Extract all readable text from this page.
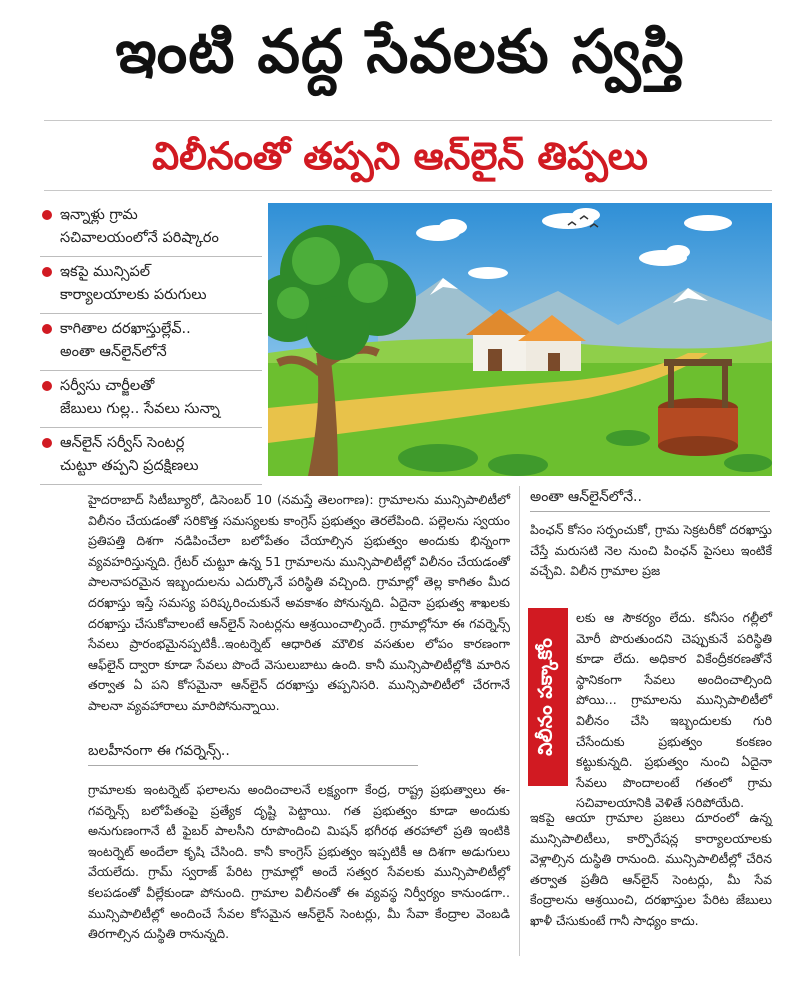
ఇంటి వద్ద సేవలకు స్వస్తి
విలీనంతో తప్పని ఆన్‌లైన్ తిప్పలు
ఇన్నాళ్లు గ్రామ
సచివాలయంలోనే పరిష్కారం
ఇకపై మున్సిపల్
కార్యాలయాలకు పరుగులు
కాగితాల దరఖాస్తుల్లేవ్..
అంతా ఆన్‌లైన్‌లోనే
సర్వీసు చార్జీలతో
జేబులు గుల్ల.. సేవలు సున్నా
ఆన్‌లైన్ సర్వీస్ సెంటర్ల
చుట్టూ తప్పని ప్రదక్షిణలు

హైదరాబాద్ సిటీబ్యూరో, డిసెంబర్ 10 (నమస్తే తెలంగాణ): గ్రామాలను మున్సిపాలిటీలో విలీనం చేయడంతో సరికొత్త సమస్యలకు కాంగ్రెస్ ప్రభుత్వం తెరలేపింది. పల్లెలను స్వయం ప్రతిపత్తి దిశగా నడిపించేలా బలోపేతం చేయాల్సిన ప్రభుత్వం అందుకు భిన్నంగా వ్యవహరిస్తున్నది. గ్రేటర్ చుట్టూ ఉన్న 51 గ్రామాలను మున్సిపాలిటీల్లో విలీనం చేయడంతో పాలనాపరమైన ఇబ్బందులను ఎదుర్కొనే పరిస్థితి వచ్చింది. గ్రామాల్లో తెల్ల కాగితం మీద దరఖాస్తు ఇస్తే సమస్య పరిష్కరించుకునే అవకాశం పోనున్నది. ఏదైనా ప్రభుత్వ శాఖలకు దరఖాస్తు చేసుకోవాలంటే ఆన్‌లైన్ సెంటర్లను ఆశ్రయించాల్సిందే. గ్రామాల్లోనూ ఈ గవర్నెన్స్ సేవలు ప్రారంభమైనప్పటికీ..ఇంటర్నెట్ ఆధారిత మౌలిక వసతుల లోపం కారణంగా ఆఫ్‌లైన్ ద్వారా కూడా సేవలు పొందే వెసులుబాటు ఉంది. కానీ మున్సిపాలిటీల్లోకి మారిన తర్వాత ఏ పని కోసమైనా ఆన్‌లైన్ దరఖాస్తు తప్పనిసరి. మున్సిపాలిటీలో చేరగానే పాలనా వ్యవహారాలు మారిపోనున్నాయి.

బలహీనంగా ఈ గవర్నెన్స్..

గ్రామాలకు ఇంటర్నెట్ ఫలాలను అందించాలనే లక్ష్యంగా కేంద్ర, రాష్ట్ర ప్రభుత్వాలు ఈ-గవర్నెన్స్ బలోపేతంపై ప్రత్యేక దృష్టి పెట్టాయి. గత ప్రభుత్వం కూడా అందుకు అనుగుణంగానే టీ ఫైబర్ పాలసీని రూపొందించి మిషన్ భగీరథ తరహాలో ప్రతి ఇంటికి ఇంటర్నెట్ అందేలా కృషి చేసింది. కానీ కాంగ్రెస్ ప్రభుత్వం ఇప్పటికీ ఆ దిశగా అడుగులు వేయలేదు. గ్రామ్ స్వరాజ్ పేరిట గ్రామాల్లో అందే సత్వర సేవలకు మున్సిపాలిటీల్లో కలపడంతో వీల్లేకుండా పోనుంది. గ్రామాల విలీనంతో ఈ వ్యవస్థ నిర్వీర్యం కానుండగా.. మున్సిపాలిటీల్లో అందించే సేవల కోసమైన ఆన్‌లైన్ సెంటర్లు, మీ సేవా కేంద్రాల వెంబడి తిరగాల్సిన దుస్థితి రానున్నది.

అంతా ఆన్‌లైన్‌లోనే..
పింఛన్ కోసం సర్పంచుకో, గ్రామ సెక్రటరీకో దరఖాస్తు చేస్తే మరుసటి నెల నుంచి పింఛన్ పైసలు ఇంటికే వచ్చేవి. విలీన గ్రామాల ప్రజ
విలీనం పక్కాకోం
లకు ఆ సౌకర్యం లేదు. కనీసం గల్లీలో మోరీ పొరుతుందని చెప్పుకునే పరిస్థితి కూడా లేదు. అధికార వికేంద్రీకరణతోనే స్థానికంగా సేవలు అందించాల్సింది పోయి... గ్రామాలను మున్సిపాలిటీలో విలీనం చేసి ఇబ్బందులకు గురి చేసేందుకు ప్రభుత్వం కంకణం కట్టుకున్నది. ప్రభుత్వం నుంచి ఏదైనా సేవలు పొందాలంటే గతంలో గ్రామ సచివాలయానికి వెళితే సరిపోయేది.
ఇకపై ఆయా గ్రామాల ప్రజలు దూరంలో ఉన్న మున్సిపాలిటీలు, కార్పొరేషన్ల కార్యాలయాలకు వెళ్లాల్సిన దుస్థితి రానుంది. మున్సిపాలిటీల్లో చేరిన తర్వాత ప్రతీది ఆన్‌లైన్ సెంటర్లు, మీ సేవ కేంద్రాలను ఆశ్రయించి, దరఖాస్తుల పేరిట జేబులు ఖాళీ చేసుకుంటే గానీ సాధ్యం కాదు.
